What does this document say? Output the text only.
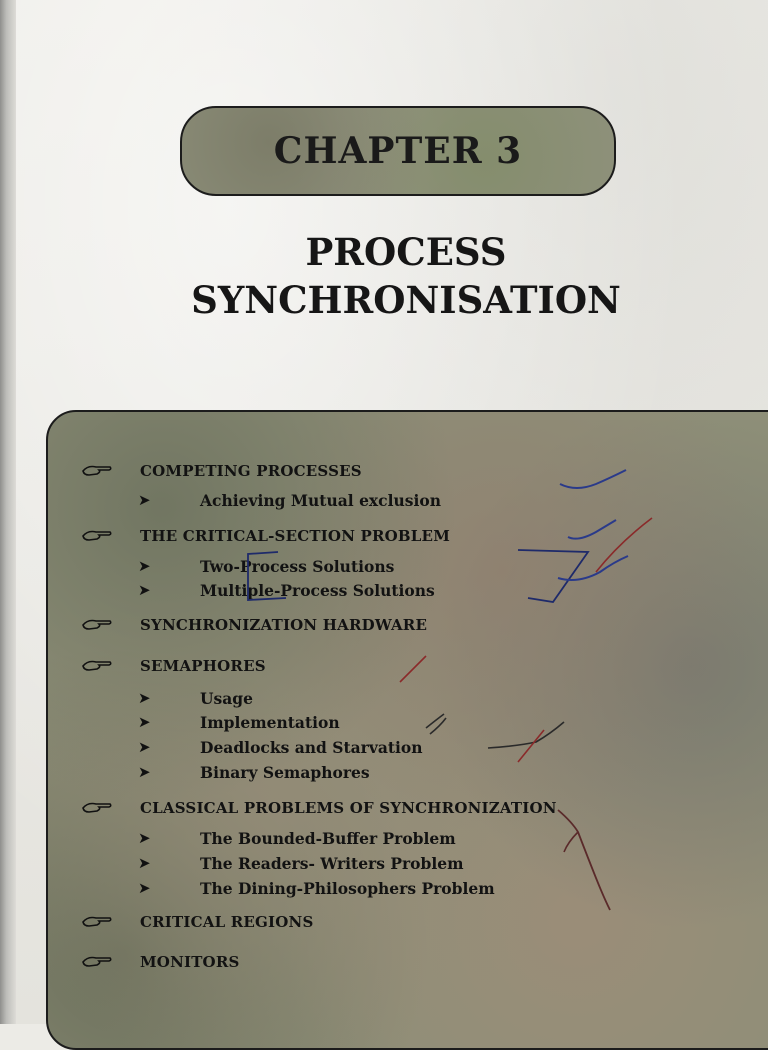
CHAPTER 3
PROCESS
SYNCHRONISATION
COMPETING PROCESSES
➤	Achieving Mutual exclusion
THE CRITICAL-SECTION PROBLEM
➤	Two-Process Solutions
➤	Multiple-Process Solutions
SYNCHRONIZATION HARDWARE
SEMAPHORES
➤	Usage
➤	Implementation
➤	Deadlocks and Starvation
➤	Binary Semaphores
CLASSICAL PROBLEMS OF SYNCHRONIZATION
➤	The Bounded-Buffer Problem
➤	The Readers- Writers Problem
➤	The Dining-Philosophers Problem
CRITICAL REGIONS
MONITORS
